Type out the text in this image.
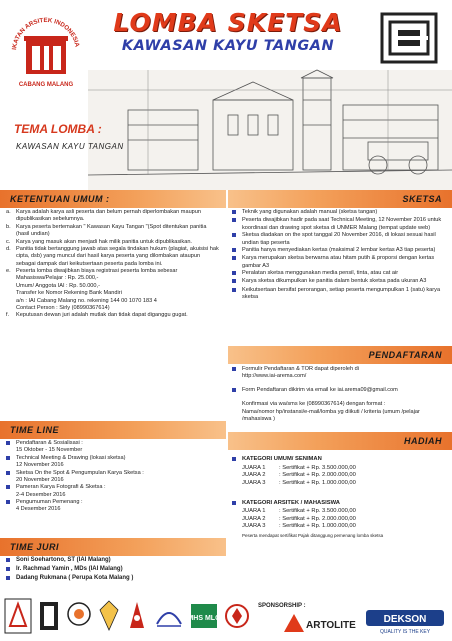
IKATAN ARSITEK INDONESIA
CABANG MALANG
LOMBA SKETSA
KAWASAN KAYU TANGAN
TEMA LOMBA :
KAWASAN KAYU TANGAN
KETENTUAN UMUM :
a. Karya adalah karya asli peserta dan belum pernah diperlombakan maupun dipublikasikan sebelumnya.
b. Karya peserta bertemakan " Kawasan Kayu Tangan "(Spot ditentukan panitia (hasil undian)
c.	Karya yang masuk akan menjadi hak milik panitia untuk dipublikasikan.
d. Panitia tidak bertanggung jawab atas segala tindakan hukum (plagiat, akuisisi hak cipta, dsb) yang muncul dari hasil karya peserta yang dilombakan ataupun sebagai dampak dari keikutsertaan peserta pada lomba ini.
e. Peserta lomba diwajibkan biaya registrasi peserta lomba sebesar
Mahasiswa/Pelajar : Rp. 25.000,-
Umum/ Anggota IAI : Rp. 50.000,-
Transfer ke Nomor Rekening Bank Mandiri
a/n : IAI Cabang Malang no. rekening 144 00 1070 183 4
Contact Person : Sirly (08990367614)
f.	Keputusan dewan juri adalah mutlak dan tidak dapat diganggu gugat.
TIME LINE
Pendaftaran & Sosialisasi :
15 Oktober - 15 November
Technical Meeting & Drawing (lokasi sketsa)
12 November 2016
Sketsa On the Spot & Pengumpulan Karya Sketsa :
20 November 2016
Pameran Karya Fotografi & Sketsa :
2-4 Desember 2016
Pengumuman Pemenang :
4 Desember 2016
TIME JURI
Soni Soehartono, ST (IAI Malang)
Ir. Rachmad Yamin , MDs (IAI Malang)
Dadang Rukmana ( Perupa Kota Malang )
SKETSA
Teknik yang digunakan adalah manual (sketsa tangan)
Peserta diwajibkan hadir pada saat Technical Meeting, 12 November 2016 untuk koordinasi dan drawing spot sketsa di UNMER Malang (tempat update web)
Sketsa diadakan on the spot tanggal 20 November 2016, di lokasi sesuai hasil undian tiap peserta
Panitia hanya menyediakan kertas (maksimal 2 lembar kertas A3 tiap peserta)
Karya merupakan sketsa berwarna atau hitam putih & proporsi dengan kertas gambar A3
Peralatan sketsa menggunakan media pensil, tinta, atau cat air
Karya sketsa dikumpulkan ke panitia dalam bentuk sketsa pada ukuran A3
Keikutsertaan bersifat perorangan, setiap peserta mengumpulkan 1 (satu) karya sketsa
PENDAFTARAN
Formulir Pendaftaran & TOR dapat diperoleh di
http://www.iai-arema.com/
Form Pendaftaran dikirim via email ke iai.arema09@gmail.com
Konfirmasi via wa/sms ke (08990367614) dengan format :
Nama/nomor hp/instansi/e-mail/lomba yg diikuti / kriteria (umum /pelajar /mahasiswa )
HADIAH
KATEGORI UMUM/ SENIMAN
JUARA 1	: Sertifikat + Rp. 3.500.000,00
JUARA 2	: Sertifikat + Rp. 2.000.000,00
JUARA 3	: Sertifikat + Rp. 1.000.000,00
KATEGORI ARSITEK / MAHASISWA
JUARA 1	: Sertifikat + Rp. 3.500.000,00
JUARA 2	: Sertifikat + Rp. 2.000.000,00
JUARA 3	: Sertifikat + Rp. 1.000.000,00
Peserta mendapat sertifikat Pajak ditanggung pemenang lomba sketsa
SPONSORSHIP :
ARTOLITE
DEKSON
QUALITY IS THE KEY
MHS MLG
